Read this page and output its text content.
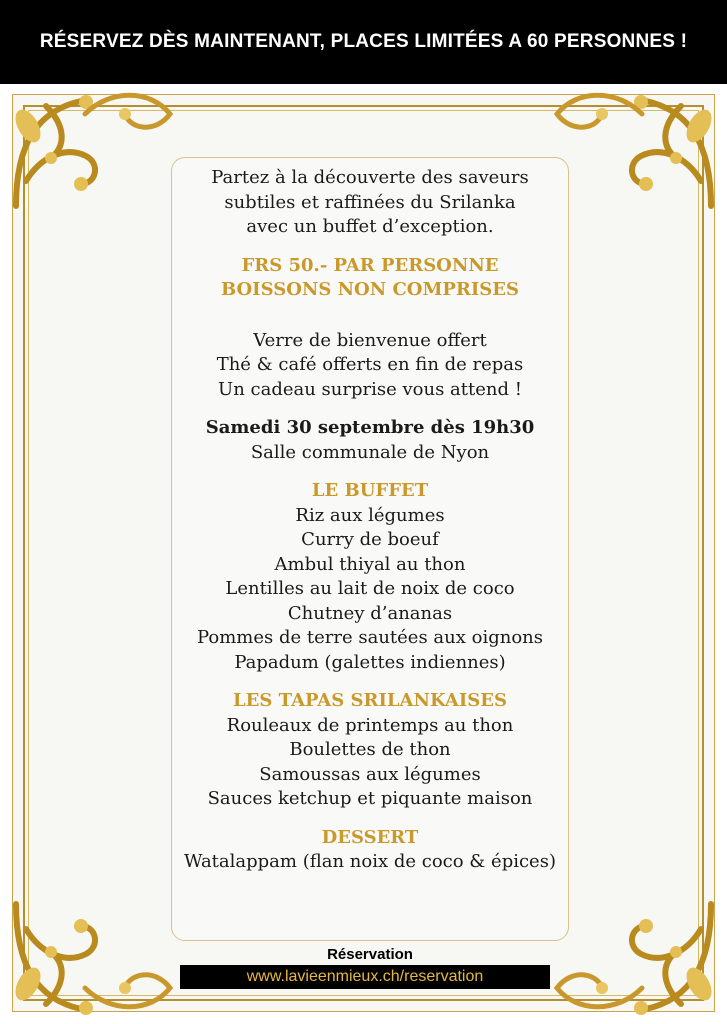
RÉSERVEZ DÈS MAINTENANT, PLACES LIMITÉES A 60 PERSONNES !

Partez à la découverte des saveurs

subtiles et raffinées du Srilanka

avec un buffet d’exception.

FRS 50.- PAR PERSONNE

BOISSONS NON COMPRISES

Verre de bienvenue offert

Thé & café offerts en fin de repas

Un cadeau surprise vous attend !

Samedi 30 septembre dès 19h30

Salle communale de Nyon

LE BUFFET

Riz aux légumes

Curry de boeuf

Ambul thiyal au thon

Lentilles au lait de noix de coco

Chutney d’ananas

Pommes de terre sautées aux oignons

Papadum (galettes indiennes)

LES TAPAS SRILANKAISES

Rouleaux de printemps au thon

Boulettes de thon

Samoussas aux légumes

Sauces ketchup et piquante maison

DESSERT

Watalappam (flan noix de coco & épices)

Réservation
www.lavieenmieux.ch/reservation
